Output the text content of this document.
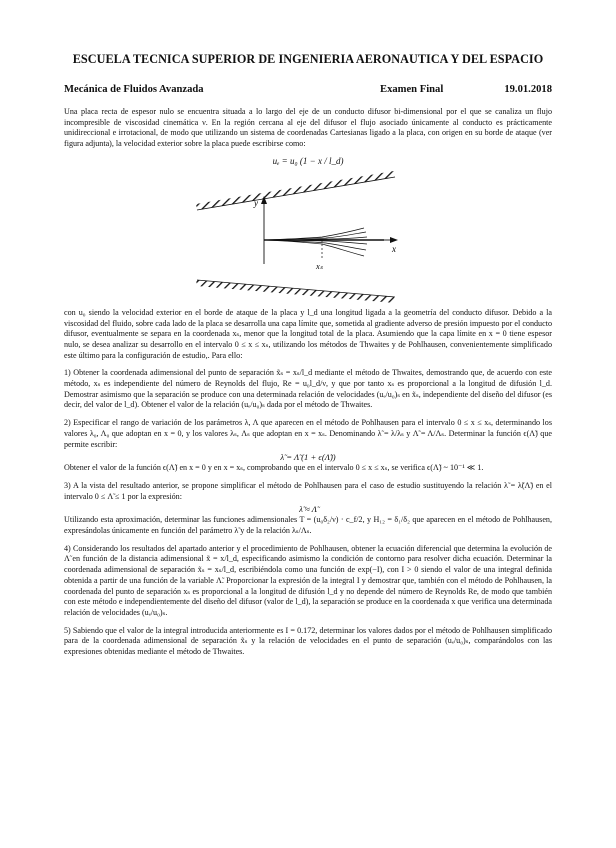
ESCUELA TECNICA SUPERIOR DE INGENIERIA AERONAUTICA Y DEL ESPACIO
Mecánica de Fluidos Avanzada	Examen Final	19.01.2018

Una placa recta de espesor nulo se encuentra situada a lo largo del eje de un conducto difusor bi-dimensional por el que se canaliza un flujo incompresible de viscosidad cinemática ν. En la región cercana al eje del difusor el flujo asociado únicamente al conducto es prácticamente unidireccional e irrotacional, de modo que utilizando un sistema de coordenadas Cartesianas ligado a la placa, con origen en su borde de ataque (ver figura adjunta), la velocidad exterior sobre la placa puede escribirse como:

uₑ = u₀ (1 − x / l_d)
y
x
xₛ

con u₀ siendo la velocidad exterior en el borde de ataque de la placa y l_d una longitud ligada a la geometría del conducto difusor. Debido a la viscosidad del fluido, sobre cada lado de la placa se desarrolla una capa límite que, sometida al gradiente adverso de presión impuesto por el conducto difusor, eventualmente se separa en la coordenada xₛ, menor que la longitud total de la placa. Asumiendo que la capa límite en x = 0 tiene espesor nulo, se desea analizar su desarrollo en el intervalo 0 ≤ x ≤ xₛ, utilizando los métodos de Thwaites y de Pohlhausen, convenientemente simplificado este último para la configuración de estudio,. Para ello:

1) Obtener la coordenada adimensional del punto de separación x̃ₛ = xₛ/l_d mediante el método de Thwaites, demostrando que, de acuerdo con este método, xₛ es independiente del número de Reynolds del flujo, Re = u₀l_d/ν, y que por tanto xₛ es proporcional a la longitud de difusión l_d. Demostrar asimismo que la separación se produce con una determinada relación de velocidades (uₑ/u₀)ₛ en x̃ₛ, independiente del diseño del difusor (es decir, del valor de l_d). Obtener el valor de la relación (uₑ/u₀)ₛ dada por el método de Thwaites.

2) Especificar el rango de variación de los parámetros λ, Λ que aparecen en el método de Pohlhausen para el intervalo 0 ≤ x ≤ xₛ, determinando los valores λ₀, Λ₀ que adoptan en x = 0, y los valores λₛ, Λₛ que adoptan en x = xₛ. Denominando λ̃ = λ/λₛ y Λ̃ = Λ/Λₛ. Determinar la función ϵ(Λ̃) que permite escribir:

λ̃ = Λ̃ (1 + ϵ(Λ̃))

Obtener el valor de la función ϵ(Λ̃) en x = 0 y en x = xₛ, comprobando que en el intervalo 0 ≤ x ≤ xₛ, se verifica ϵ(Λ̃) ~ 10⁻¹ ≪ 1.

3) A la vista del resultado anterior, se propone simplificar el método de Pohlhausen para el caso de estudio sustituyendo la relación λ̃ = λ̃(Λ̃) en el intervalo 0 ≤ Λ̃ ≤ 1 por la expresión:

λ̃ ≈ Λ̃

Utilizando esta aproximación, determinar las funciones adimensionales T = (u₀δ₂/ν) · c_f/2, y H₁₂ = δ₁/δ₂ que aparecen en el método de Pohlhausen, expresándolas únicamente en función del parámetro λ̃ y de la relación λₛ/Λₛ.

4) Considerando los resultados del apartado anterior y el procedimiento de Pohlhausen, obtener la ecuación diferencial que determina la evolución de Λ̃ en función de la distancia adimensional x̃ = x/l_d, especificando asimismo la condición de contorno para resolver dicha ecuación. Determinar la coordenada adimensional de separación x̃ₛ = xₛ/l_d, escribiéndola como una función de exp(−I), con I > 0 siendo el valor de una integral definida obtenida a partir de una función de la variable Λ̃. Proporcionar la expresión de la integral I y demostrar que, también con el método de Pohlhausen, la coordenada del punto de separación xₛ es proporcional a la longitud de difusión l_d y no depende del número de Reynolds Re, de modo que también con este método e independientemente del diseño del difusor (valor de l_d), la separación se produce en la coordenada x que verifica una determinada relación de velocidades (uₑ/u₀)ₛ.

5) Sabiendo que el valor de la integral introducida anteriormente es I = 0.172, determinar los valores dados por el método de Pohlhausen simplificado para de la coordenada adimensional de separación x̃ₛ y la relación de velocidades en el punto de separación (uₑ/u₀)ₛ, comparándolos con las expresiones obtenidas mediante el método de Thwaites.
